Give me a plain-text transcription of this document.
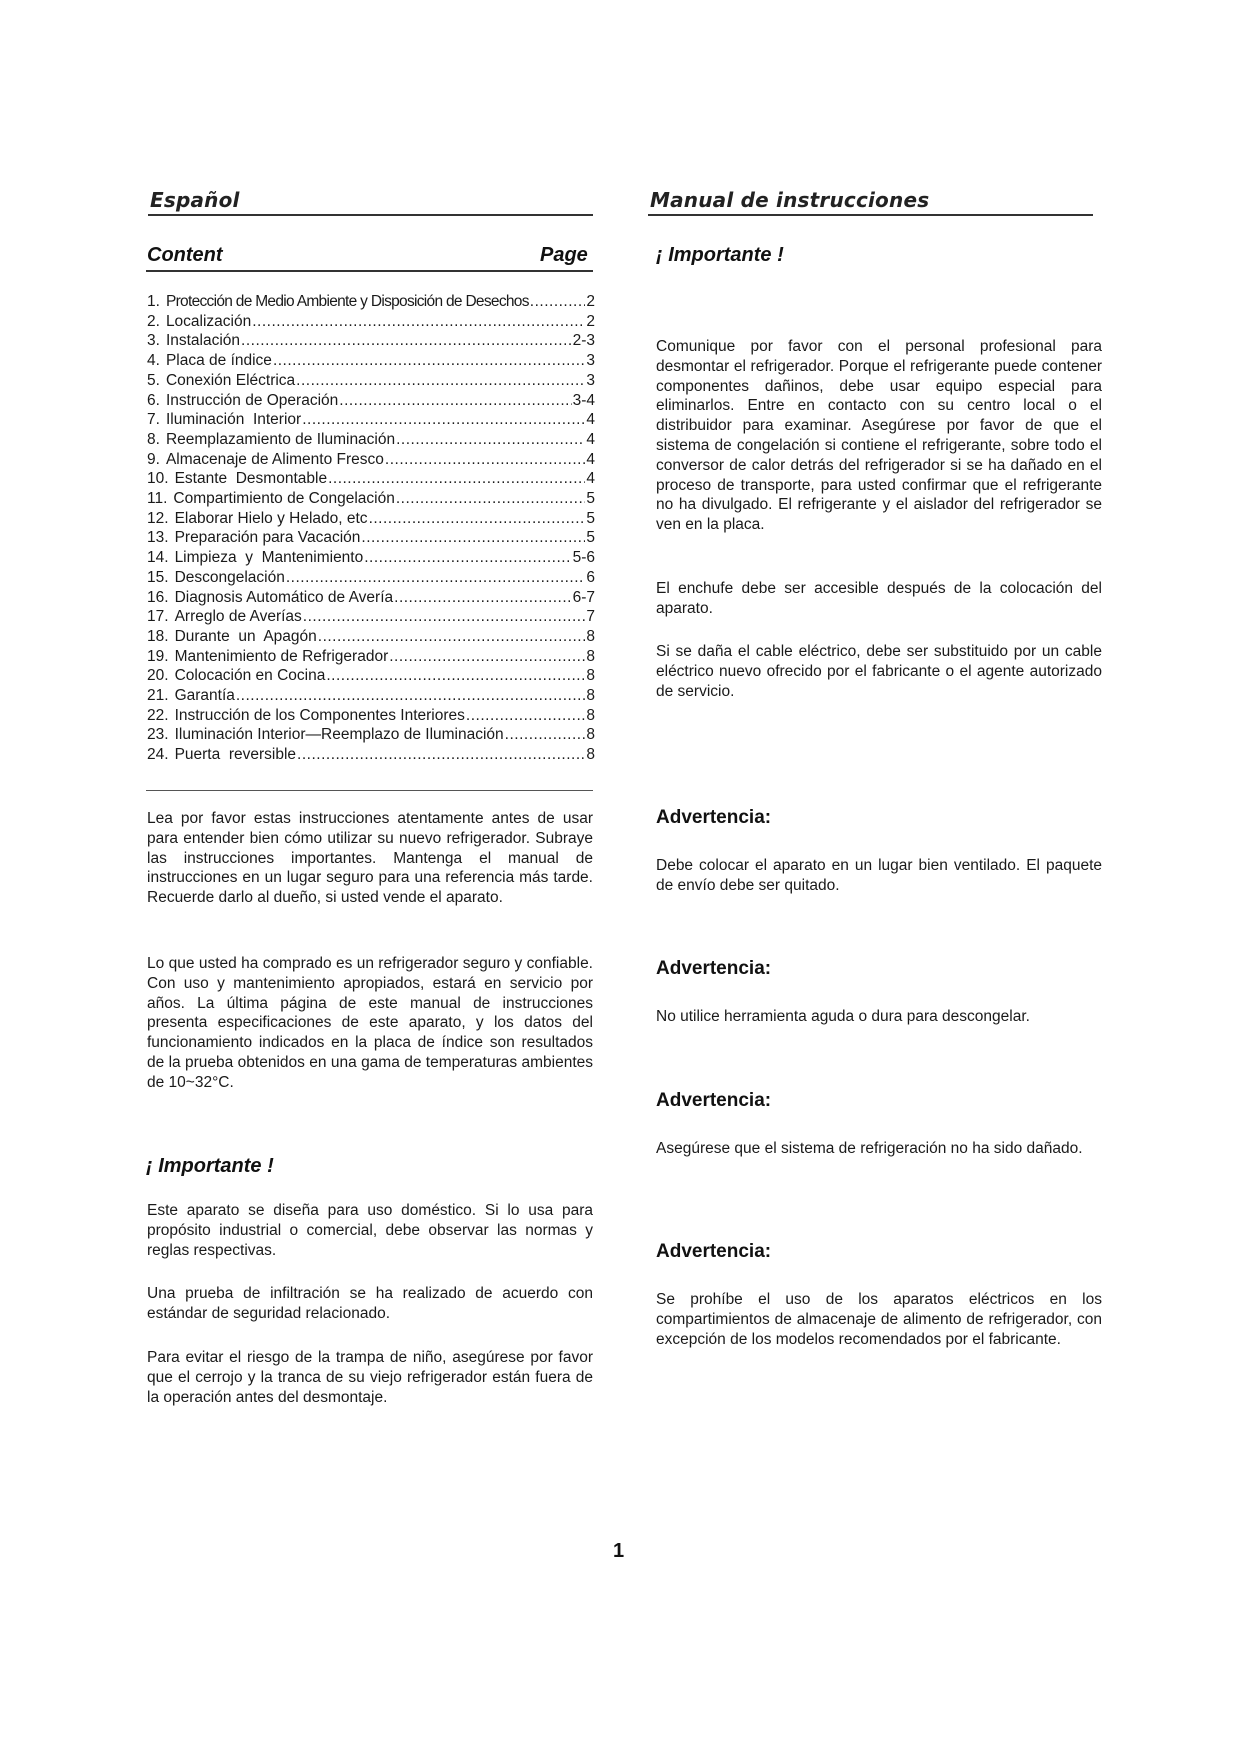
Español	Manual de instrucciones
Content	Page
1. Protección de Medio Ambiente y Disposición de Desechos .....	2
2. Localización .....	2
3. Instalación .....	2-3
4. Placa de índice .....	3
5. Conexión Eléctrica .....	3
6. Instrucción de Operación .....	3-4
7. Iluminación  Interior .....	4
8. Reemplazamiento de Iluminación .....	4
9. Almacenaje de Alimento Fresco .....	4
10. Estante  Desmontable .....	4
11. Compartimiento de Congelación .....	5
12. Elaborar Hielo y Helado, etc .....	5
13. Preparación para Vacación .....	5
14. Limpieza  y  Mantenimiento .....	5-6
15. Descongelación .....	6
16. Diagnosis Automático de Avería .....	6-7
17. Arreglo de Averías .....	7
18. Durante  un  Apagón .....	8
19. Mantenimiento de Refrigerador .....	8
20. Colocación en Cocina .....	8
21. Garantía .....	8
22. Instrucción de los Componentes Interiores .....	8
23. Iluminación Interior—Reemplazo de Iluminación .....	8
24. Puerta  reversible .....	8
Lea por favor estas instrucciones atentamente antes de usar para entender bien cómo utilizar su nuevo refrigerador. Subraye las instrucciones importantes. Mantenga el manual de instrucciones en un lugar seguro para una referencia más tarde. Recuerde darlo al dueño, si usted vende el aparato.
Lo que usted ha comprado es un refrigerador seguro y confiable. Con uso y mantenimiento apropiados, estará en servicio por años. La última página de este manual de instrucciones presenta especificaciones de este aparato, y los datos del funcionamiento indicados en la placa de índice son resultados de la prueba obtenidos en una gama de temperaturas ambientes de 10~32°C.
¡ Importante !
Este aparato se diseña para uso doméstico. Si lo usa para propósito industrial o comercial, debe observar las normas y reglas respectivas.
Una prueba de infiltración se ha realizado de acuerdo con estándar de seguridad relacionado.
Para evitar el riesgo de la trampa de niño, asegúrese por favor que el cerrojo y la tranca de su viejo refrigerador están fuera de la operación antes del desmontaje.
¡ Importante !
Comunique por favor con el personal profesional para desmontar el refrigerador. Porque el refrigerante puede contener componentes dañinos, debe usar equipo especial para eliminarlos. Entre en contacto con su centro local o el distribuidor para examinar. Asegúrese por favor de que el sistema de congelación si contiene el refrigerante, sobre todo el conversor de calor detrás del refrigerador si se ha dañado en el proceso de transporte, para usted confirmar que el refrigerante no ha divulgado. El refrigerante y el aislador del refrigerador se ven en la placa.
El enchufe debe ser accesible después de la colocación del aparato.
Si se daña el cable eléctrico, debe ser substituido por un cable eléctrico nuevo ofrecido por el fabricante o el agente autorizado de servicio.
Advertencia:
Debe colocar el aparato en un lugar bien ventilado. El paquete de envío debe ser quitado.
Advertencia:
No utilice herramienta aguda o dura para descongelar.
Advertencia:
Asegúrese que el sistema de refrigeración no ha sido dañado.
Advertencia:
Se prohíbe el uso de los aparatos eléctricos en los compartimientos de almacenaje de alimento de refrigerador, con excepción de los modelos recomendados por el fabricante.
1
